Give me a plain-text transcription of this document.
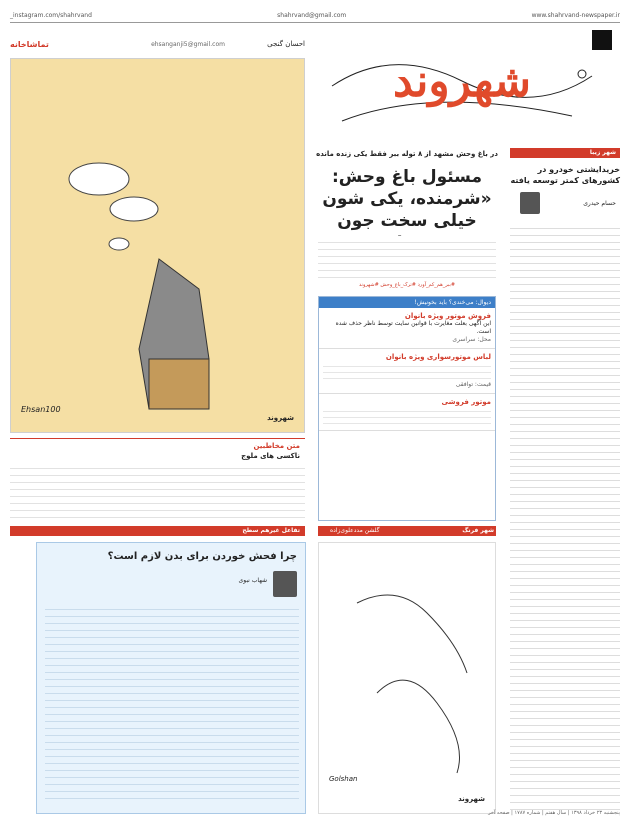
www.shahrvand-newspaper.ir
shahrvand@gmail.com
instagram.com/shahrvand_
شهروند
شهر زیبا
خریدایشتی خودرو در کشورهای کمتر توسعه یافته
حسام حیدری
در باغ وحش مشهد از ۸ توله ببر فقط یکی زنده مانده
مسئول باغ وحش: «شرمنده، یکی شون خیلی سخت جون
#ببر_هم_کم_آورد #ترک_باغ_وحش #شهروند
دیوال: می‌خندی؟ باید بخونیش!
فروش موتور ویژه بانوان
این آگهی بعلت مغایرت با قوانین سایت توسط ناظر حذف شده است.
محل: سراسری
لباس موتورسواری ویژه بانوان
قیمت: توافقی
موتور فروشی
تماشاخانه	احسان گنجی
ehsanganji5@gmail.com
Ehsan100
شهروند
متن مخاطبین
ناکسی های ملوج
تفاعل غیرهم سطح
چرا فحش خوردن برای بدن لازم است؟
شهاب نبوی
شهر فرنگ
گلشن مددعلوی‌زاده
Golshan
شهروند
پنجشنبه ۲۳ خرداد ۱۳۹۸ | سال هفتم | شماره ۱۷۸۷ | صفحه آخر
